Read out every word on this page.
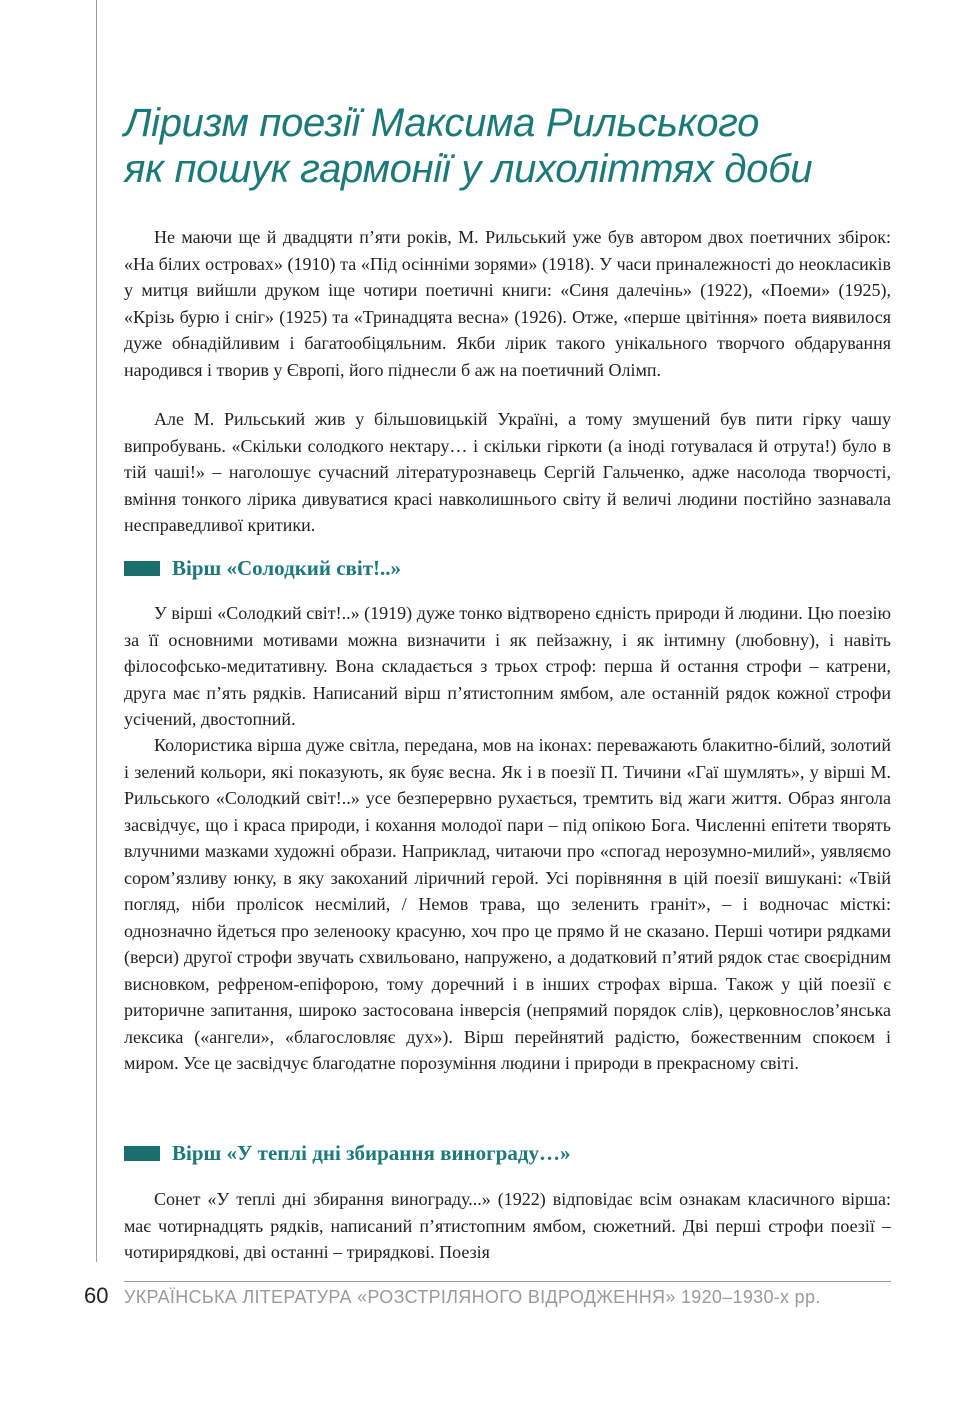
Ліризм поезії Максима Рильського
як пошук гармонії у лихоліттях доби

Не маючи ще й двадцяти п’яти років, М. Рильський уже був автором двох поетичних збірок: «На білих островах» (1910) та «Під осінніми зорями» (1918). У часи приналежності до неокласиків у митця вийшли друком іще чотири поетичні книги: «Синя далечінь» (1922), «Поеми» (1925), «Крізь бурю і сніг» (1925) та «Тринадцята весна» (1926). Отже, «перше цвітіння» поета виявилося дуже обнадійливим і багатообіцяльним. Якби лірик такого унікального творчого обдарування народився і творив у Європі, його піднесли б аж на поетичний Олімп.

Але М. Рильський жив у більшовицькій Україні, а тому змушений був пити гірку чашу випробувань. «Скільки солодкого нектару… і скільки гіркоти (а іноді готувалася й отрута!) було в тій чаші!» – наголошує сучасний літературознавець Сергій Гальченко, адже насолода творчості, вміння тонкого лірика дивуватися красі навколишнього світу й величі людини постійно зазнавала несправедливої критики.

Вірш «Солодкий світ!..»

У вірші «Солодкий світ!..» (1919) дуже тонко відтворено єдність природи й людини. Цю поезію за її основними мотивами можна визначити і як пейзажну, і як інтимну (любовну), і навіть філософсько-медитативну. Вона складається з трьох строф: перша й остання строфи – катрени, друга має п’ять рядків. Написаний вірш п’ятистопним ямбом, але останній рядок кожної строфи усічений, двостопний.

Колористика вірша дуже світла, передана, мов на іконах: переважають блакитно-білий, золотий і зелений кольори, які показують, як буяє весна. Як і в поезії П. Тичини «Гаї шумлять», у вірші М. Рильського «Солодкий світ!..» усе безперервно рухається, тремтить від жаги життя. Образ янгола засвідчує, що і краса природи, і кохання молодої пари – під опікою Бога. Численні епітети творять влучними мазками художні образи. Наприклад, читаючи про «спогад нерозумно-милий», уявляємо сором’язливу юнку, в яку закоханий ліричний герой. Усі порівняння в цій поезії вишукані: «Твій погляд, ніби пролісок несмілий, / Немов трава, що зеленить граніт», – і водночас місткі: однозначно йдеться про зеленооку красуню, хоч про це прямо й не сказано. Перші чотири рядками (верси) другої строфи звучать схвильовано, напружено, а додатковий п’ятий рядок стає своєрідним висновком, рефреном-епіфорою, тому доречний і в інших строфах вірша. Також у цій поезії є риторичне запитання, широко застосована інверсія (непрямий порядок слів), церковнослов’янська лексика («ангели», «благословляє дух»). Вірш перейнятий радістю, божественним спокоєм і миром. Усе це засвідчує благодатне порозуміння людини і природи в прекрасному світі.

Вірш «У теплі дні збирання винограду…»

Сонет «У теплі дні збирання винограду...» (1922) відповідає всім ознакам класичного вірша: має чотирнадцять рядків, написаний п’ятистопним ямбом, сюжетний. Дві перші строфи поезії – чотирирядкові, дві останні – трирядкові. Поезія

60 УКРАЇНСЬКА ЛІТЕРАТУРА «РОЗСТРІЛЯНОГО ВІДРОДЖЕННЯ» 1920–1930-х рр.
